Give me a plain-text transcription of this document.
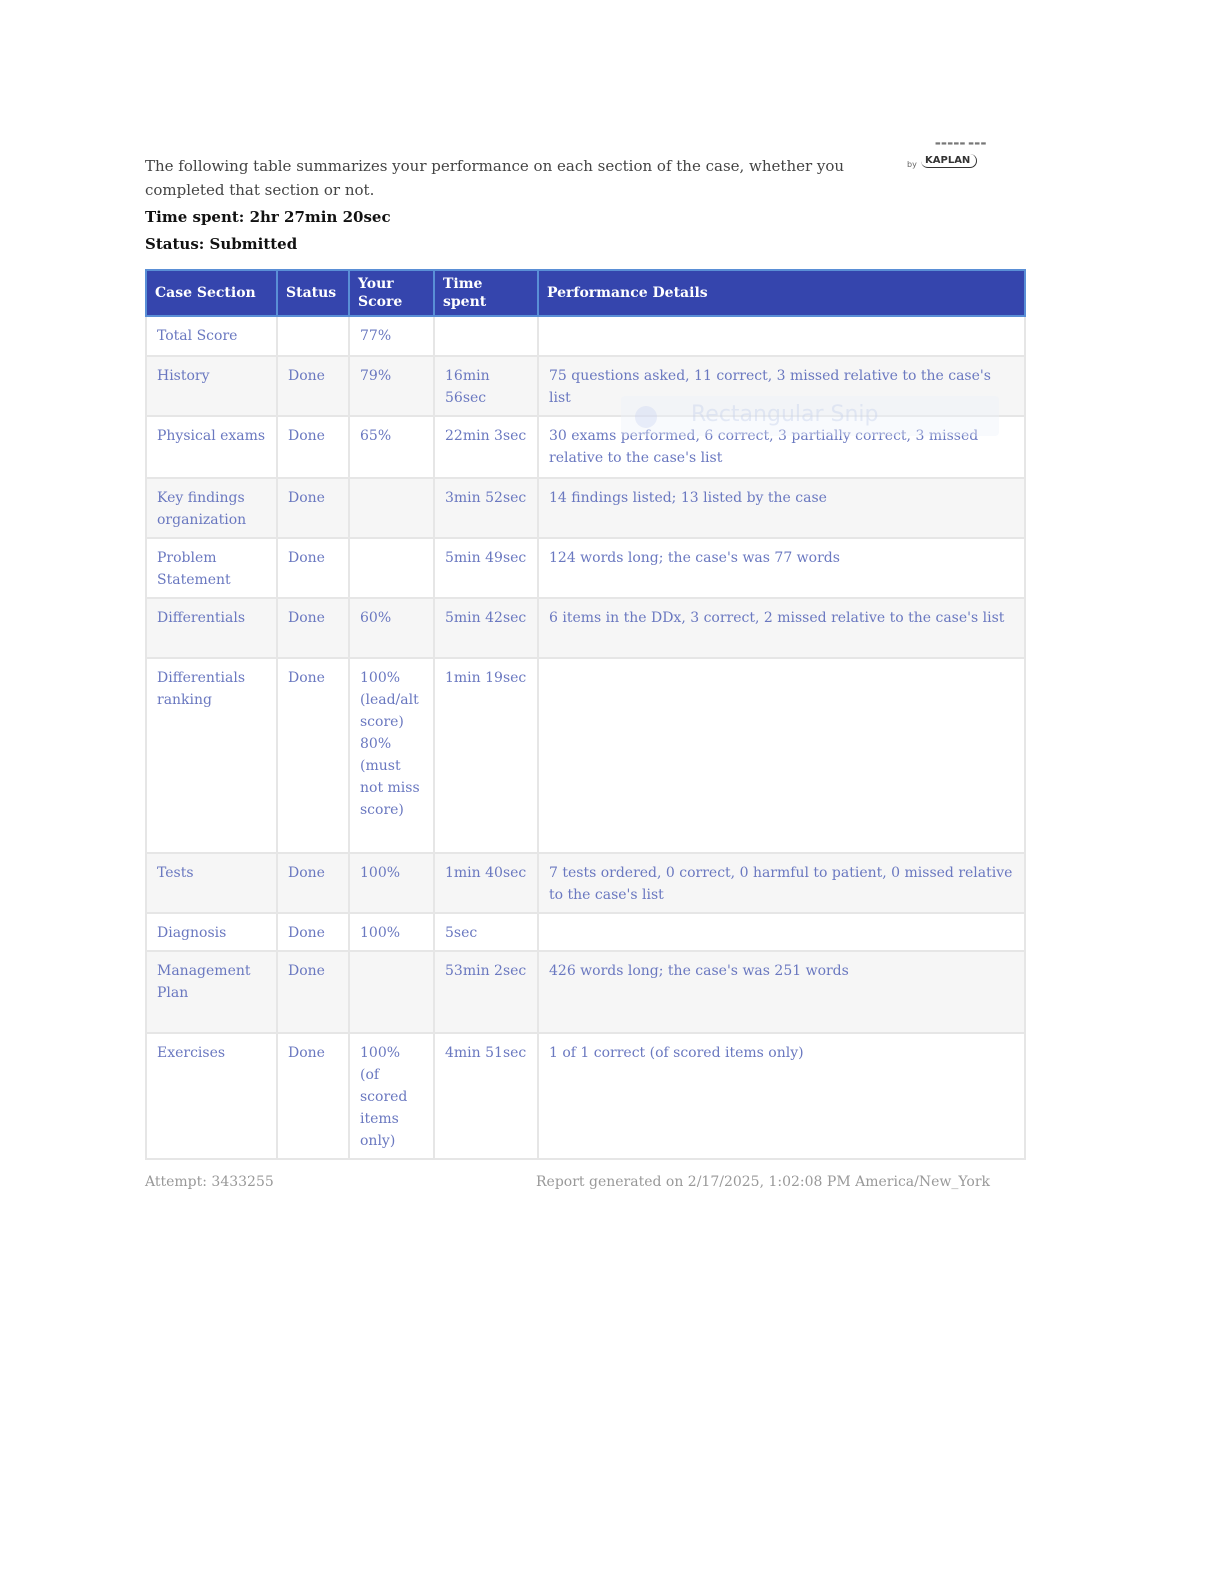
The following table summarizes your performance on each section of the case, whether you completed that section or not.
▬▬▬▬▬ ▬▬▬
by KAPLAN
Time spent: 2hr 27min 20sec
Status: Submitted
Case Section	Status	Your Score	Time spent	Performance Details
Total Score		77%		
History	Done	79%	16min 56sec	75 questions asked, 11 correct, 3 missed relative to the case's list
Physical exams	Done	65%	22min 3sec	30 exams performed, 6 correct, 3 partially correct, 3 missed relative to the case's list
Key findings organization	Done		3min 52sec	14 findings listed; 13 listed by the case
Problem Statement	Done		5min 49sec	124 words long; the case's was 77 words
Differentials	Done	60%	5min 42sec	6 items in the DDx, 3 correct, 2 missed relative to the case's list
Differentials ranking	Done	100% (lead/alt score) 80% (must not miss score)	1min 19sec	
Tests	Done	100%	1min 40sec	7 tests ordered, 0 correct, 0 harmful to patient, 0 missed relative to the case's list
Diagnosis	Done	100%	5sec	
Management Plan	Done		53min 2sec	426 words long; the case's was 251 words
Exercises	Done	100% (of scored items only)	4min 51sec	1 of 1 correct (of scored items only)
Attempt: 3433255	Report generated on 2/17/2025, 1:02:08 PM America/New_York
Rectangular Snip
